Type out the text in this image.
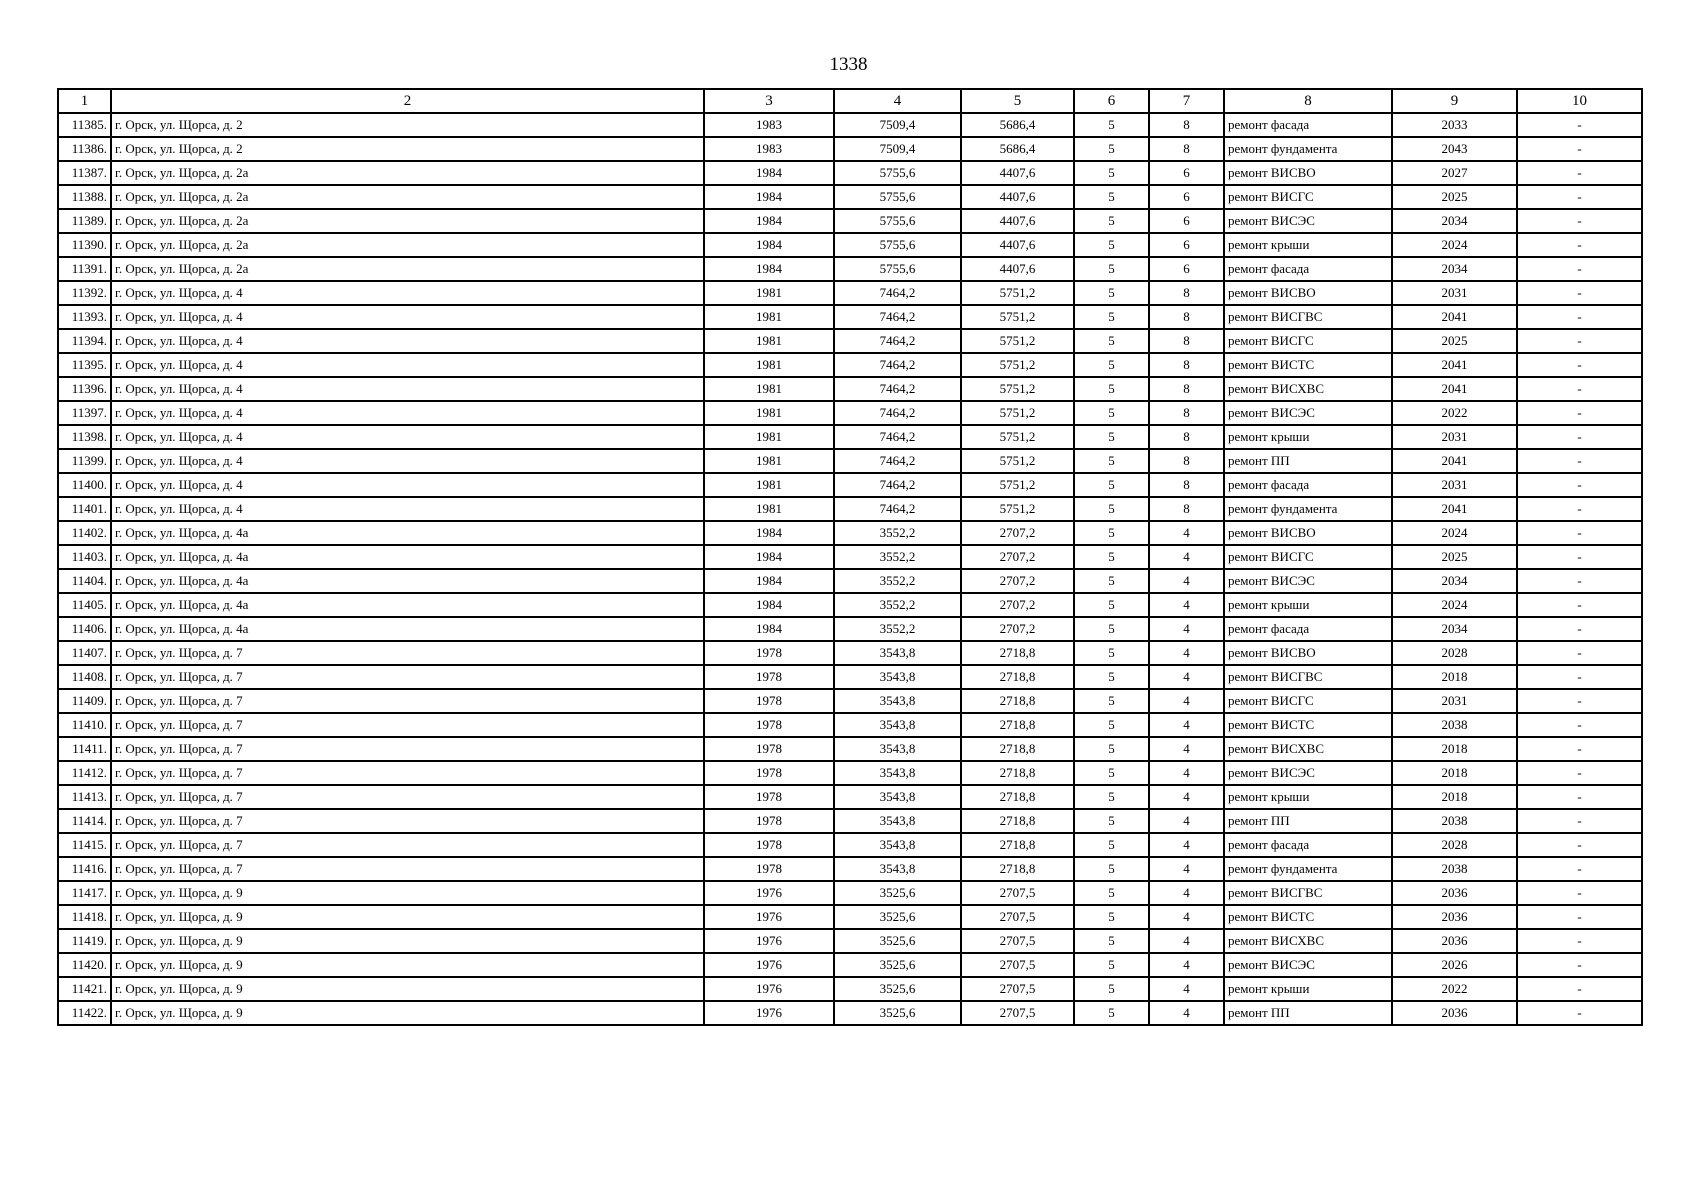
1338
1	2	3	4	5	6	7	8	9	10
11385.	г. Орск, ул. Щорса, д. 2	1983	7509,4	5686,4	5	8	ремонт фасада	2033	-
11386.	г. Орск, ул. Щорса, д. 2	1983	7509,4	5686,4	5	8	ремонт фундамента	2043	-
11387.	г. Орск, ул. Щорса, д. 2а	1984	5755,6	4407,6	5	6	ремонт ВИСВО	2027	-
11388.	г. Орск, ул. Щорса, д. 2а	1984	5755,6	4407,6	5	6	ремонт ВИСГС	2025	-
11389.	г. Орск, ул. Щорса, д. 2а	1984	5755,6	4407,6	5	6	ремонт ВИСЭС	2034	-
11390.	г. Орск, ул. Щорса, д. 2а	1984	5755,6	4407,6	5	6	ремонт крыши	2024	-
11391.	г. Орск, ул. Щорса, д. 2а	1984	5755,6	4407,6	5	6	ремонт фасада	2034	-
11392.	г. Орск, ул. Щорса, д. 4	1981	7464,2	5751,2	5	8	ремонт ВИСВО	2031	-
11393.	г. Орск, ул. Щорса, д. 4	1981	7464,2	5751,2	5	8	ремонт ВИСГВС	2041	-
11394.	г. Орск, ул. Щорса, д. 4	1981	7464,2	5751,2	5	8	ремонт ВИСГС	2025	-
11395.	г. Орск, ул. Щорса, д. 4	1981	7464,2	5751,2	5	8	ремонт ВИСТС	2041	-
11396.	г. Орск, ул. Щорса, д. 4	1981	7464,2	5751,2	5	8	ремонт ВИСХВС	2041	-
11397.	г. Орск, ул. Щорса, д. 4	1981	7464,2	5751,2	5	8	ремонт ВИСЭС	2022	-
11398.	г. Орск, ул. Щорса, д. 4	1981	7464,2	5751,2	5	8	ремонт крыши	2031	-
11399.	г. Орск, ул. Щорса, д. 4	1981	7464,2	5751,2	5	8	ремонт ПП	2041	-
11400.	г. Орск, ул. Щорса, д. 4	1981	7464,2	5751,2	5	8	ремонт фасада	2031	-
11401.	г. Орск, ул. Щорса, д. 4	1981	7464,2	5751,2	5	8	ремонт фундамента	2041	-
11402.	г. Орск, ул. Щорса, д. 4а	1984	3552,2	2707,2	5	4	ремонт ВИСВО	2024	-
11403.	г. Орск, ул. Щорса, д. 4а	1984	3552,2	2707,2	5	4	ремонт ВИСГС	2025	-
11404.	г. Орск, ул. Щорса, д. 4а	1984	3552,2	2707,2	5	4	ремонт ВИСЭС	2034	-
11405.	г. Орск, ул. Щорса, д. 4а	1984	3552,2	2707,2	5	4	ремонт крыши	2024	-
11406.	г. Орск, ул. Щорса, д. 4а	1984	3552,2	2707,2	5	4	ремонт фасада	2034	-
11407.	г. Орск, ул. Щорса, д. 7	1978	3543,8	2718,8	5	4	ремонт ВИСВО	2028	-
11408.	г. Орск, ул. Щорса, д. 7	1978	3543,8	2718,8	5	4	ремонт ВИСГВС	2018	-
11409.	г. Орск, ул. Щорса, д. 7	1978	3543,8	2718,8	5	4	ремонт ВИСГС	2031	-
11410.	г. Орск, ул. Щорса, д. 7	1978	3543,8	2718,8	5	4	ремонт ВИСТС	2038	-
11411.	г. Орск, ул. Щорса, д. 7	1978	3543,8	2718,8	5	4	ремонт ВИСХВС	2018	-
11412.	г. Орск, ул. Щорса, д. 7	1978	3543,8	2718,8	5	4	ремонт ВИСЭС	2018	-
11413.	г. Орск, ул. Щорса, д. 7	1978	3543,8	2718,8	5	4	ремонт крыши	2018	-
11414.	г. Орск, ул. Щорса, д. 7	1978	3543,8	2718,8	5	4	ремонт ПП	2038	-
11415.	г. Орск, ул. Щорса, д. 7	1978	3543,8	2718,8	5	4	ремонт фасада	2028	-
11416.	г. Орск, ул. Щорса, д. 7	1978	3543,8	2718,8	5	4	ремонт фундамента	2038	-
11417.	г. Орск, ул. Щорса, д. 9	1976	3525,6	2707,5	5	4	ремонт ВИСГВС	2036	-
11418.	г. Орск, ул. Щорса, д. 9	1976	3525,6	2707,5	5	4	ремонт ВИСТС	2036	-
11419.	г. Орск, ул. Щорса, д. 9	1976	3525,6	2707,5	5	4	ремонт ВИСХВС	2036	-
11420.	г. Орск, ул. Щорса, д. 9	1976	3525,6	2707,5	5	4	ремонт ВИСЭС	2026	-
11421.	г. Орск, ул. Щорса, д. 9	1976	3525,6	2707,5	5	4	ремонт крыши	2022	-
11422.	г. Орск, ул. Щорса, д. 9	1976	3525,6	2707,5	5	4	ремонт ПП	2036	-
